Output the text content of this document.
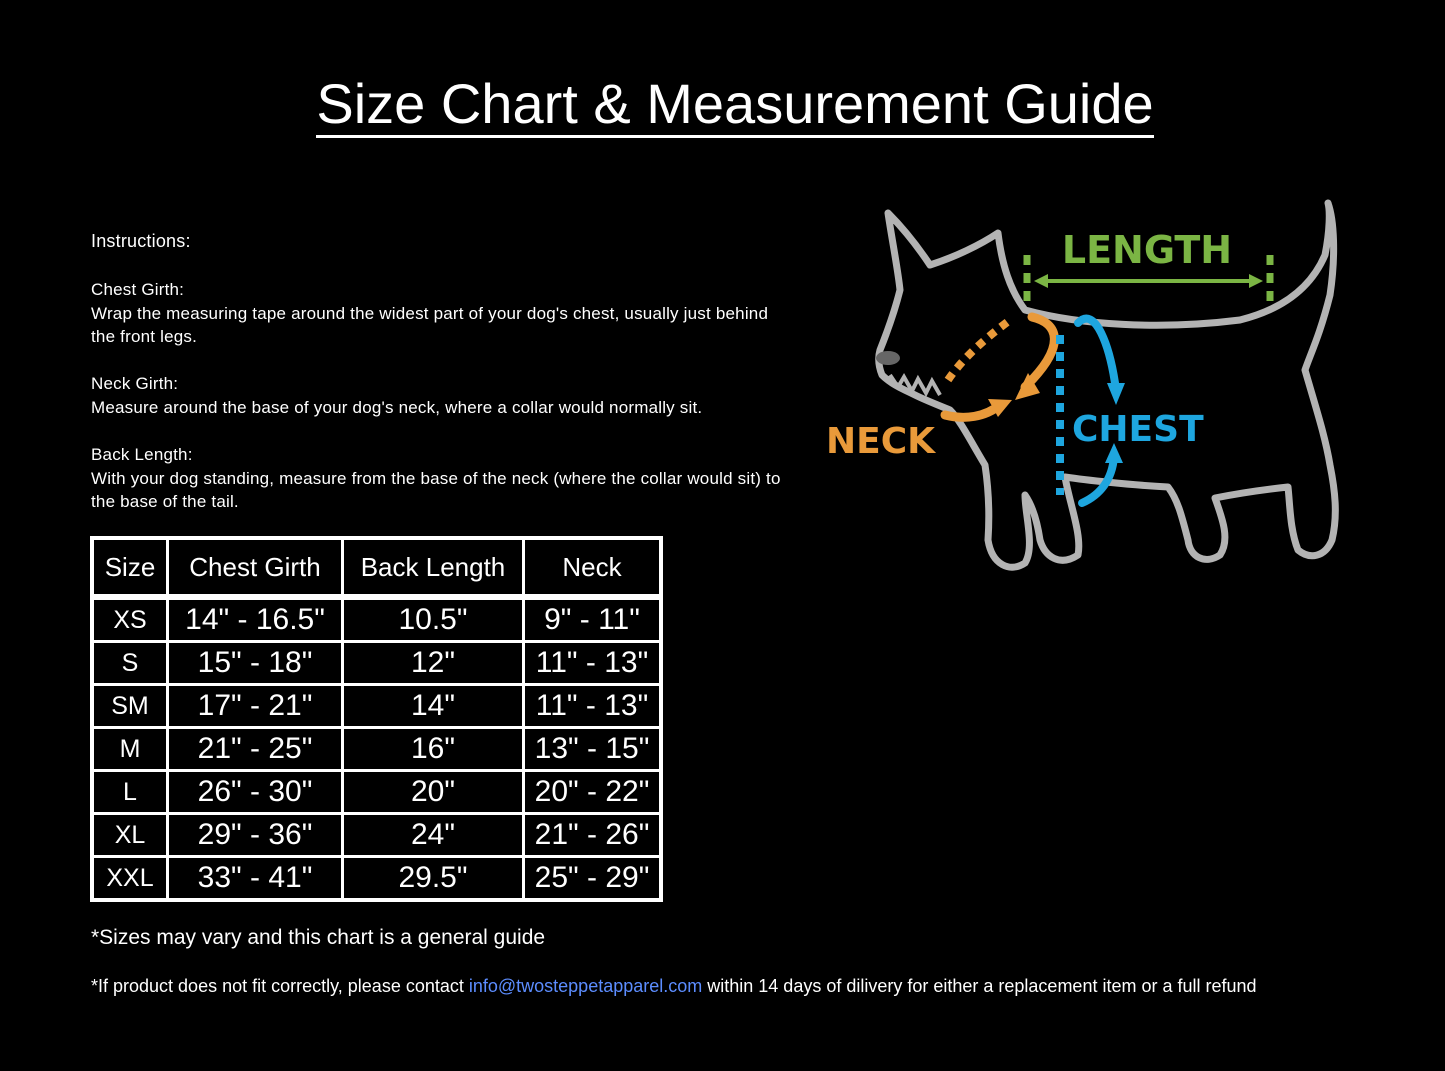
Size Chart & Measurement Guide
Instructions:
Chest Girth:
Wrap the measuring tape around the widest part of your dog's chest, usually just behind the front legs.
Neck Girth:
Measure around the base of your dog's neck, where a collar would normally sit.
Back Length:
With your dog standing, measure from the base of the neck (where the collar would sit) to the base of the tail.
Size	Chest Girth	Back Length	Neck
XS	14" - 16.5"	10.5"	9" - 11"
S	15" - 18"	12"	11" - 13"
SM	17" - 21"	14"	11" - 13"
M	21" - 25"	16"	13" - 15"
L	26" - 30"	20"	20" - 22"
XL	29" - 36"	24"	21" - 26"
XXL	33" - 41"	29.5"	25" - 29"
*Sizes may vary and this chart is a general guide
*If product does not fit correctly, please contact info@twosteppetapparel.com within 14 days of dilivery for either a replacement item or a full refund
LENGTH
NECK	CHEST
